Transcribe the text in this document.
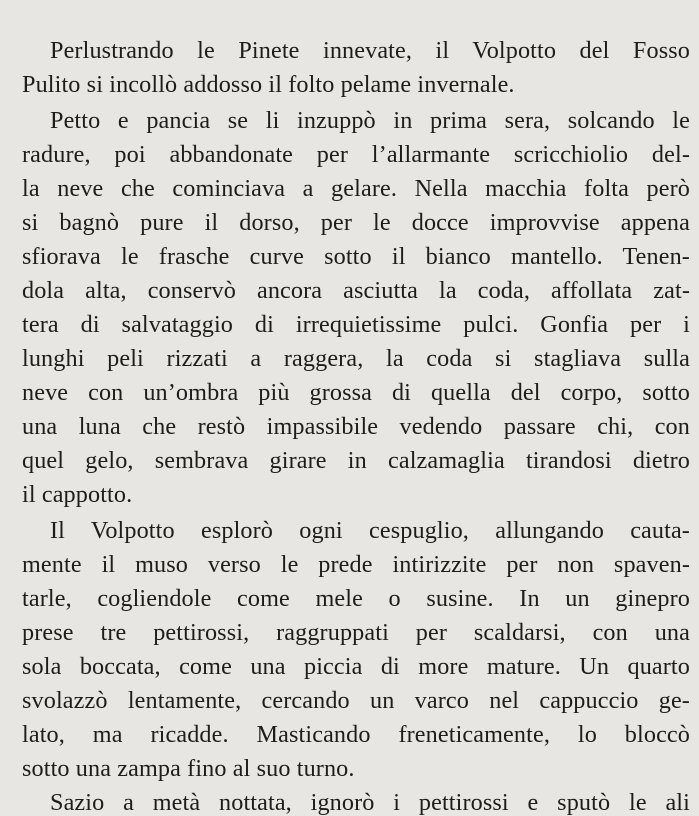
Perlustrando le Pinete innevate, il Volpotto del Fosso
Pulito si incollò addosso il folto pelame invernale.
Petto e pancia se li inzuppò in prima sera, solcando le
radure, poi abbandonate per l’allarmante scricchiolio del-
la neve che cominciava a gelare. Nella macchia folta però
si bagnò pure il dorso, per le docce improvvise appena
sfiorava le frasche curve sotto il bianco mantello. Tenen-
dola alta, conservò ancora asciutta la coda, affollata zat-
tera di salvataggio di irrequietissime pulci. Gonfia per i
lunghi peli rizzati a raggera, la coda si stagliava sulla
neve con un’ombra più grossa di quella del corpo, sotto
una luna che restò impassibile vedendo passare chi, con
quel gelo, sembrava girare in calzamaglia tirandosi dietro
il cappotto.
Il Volpotto esplorò ogni cespuglio, allungando cauta-
mente il muso verso le prede intirizzite per non spaven-
tarle, cogliendole come mele o susine. In un ginepro
prese tre pettirossi, raggruppati per scaldarsi, con una
sola boccata, come una piccia di more mature. Un quarto
svolazzò lentamente, cercando un varco nel cappuccio ge-
lato, ma ricadde. Masticando freneticamente, lo bloccò
sotto una zampa fino al suo turno.
Sazio a metà nottata, ignorò i pettirossi e sputò le ali
